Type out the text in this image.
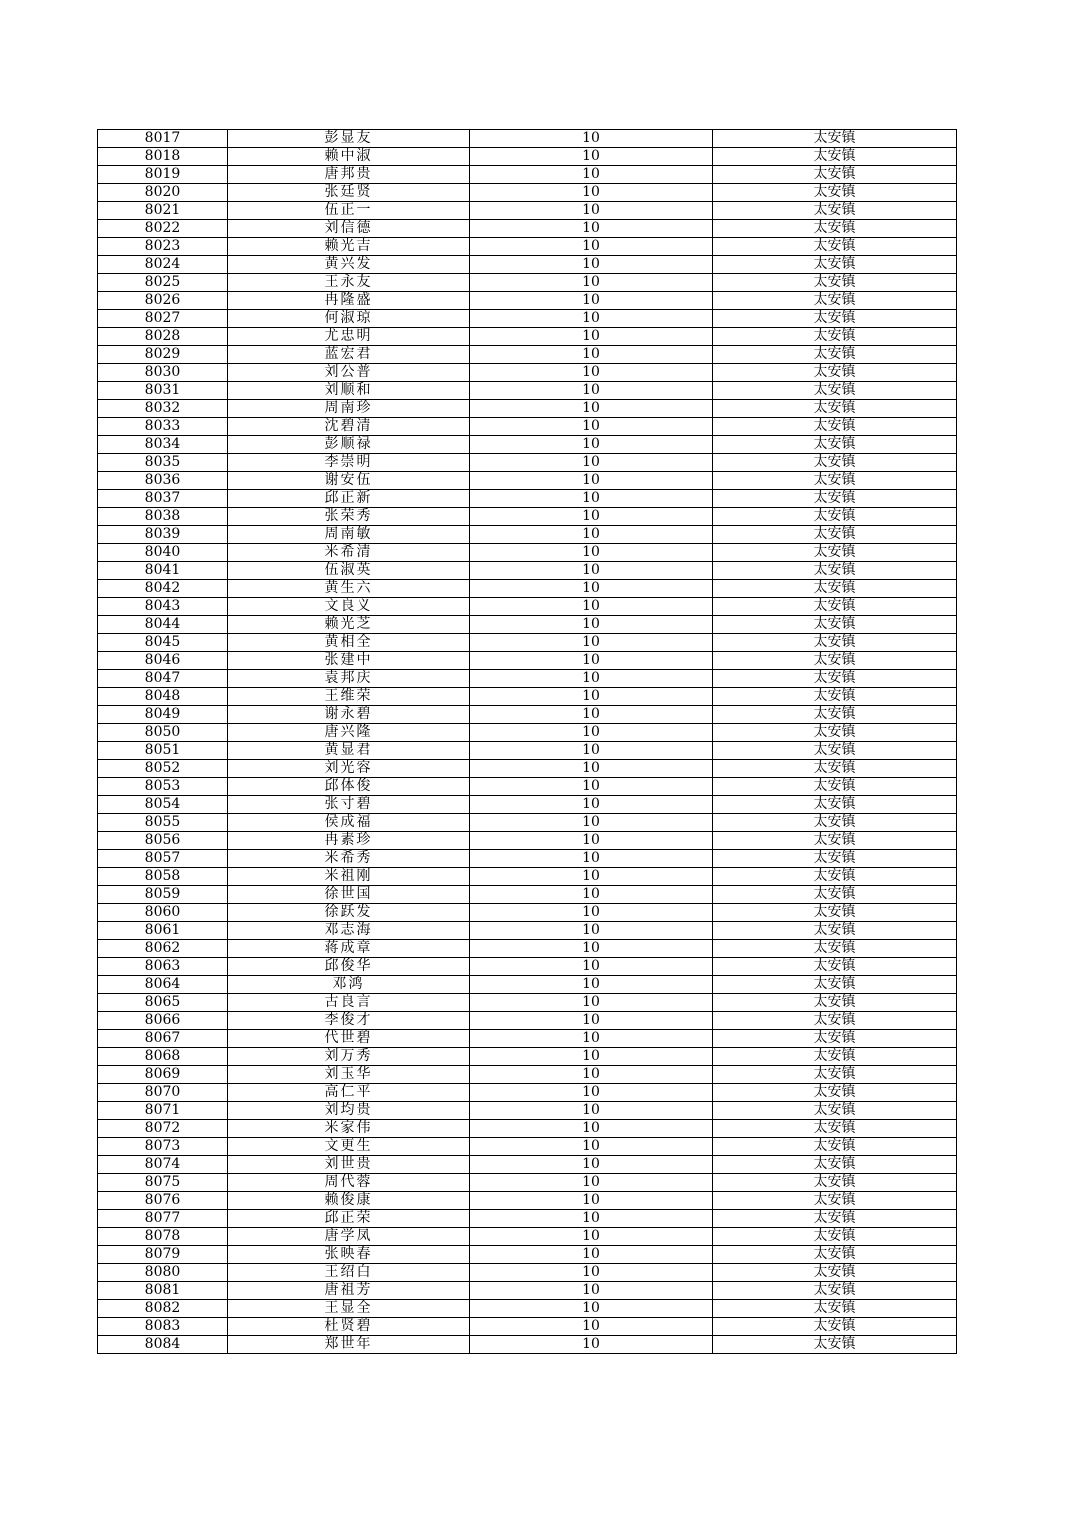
8017	彭显友	10	太安镇
8018	赖中淑	10	太安镇
8019	唐邦贵	10	太安镇
8020	张廷贤	10	太安镇
8021	伍正一	10	太安镇
8022	刘信德	10	太安镇
8023	赖光吉	10	太安镇
8024	黄兴发	10	太安镇
8025	王永友	10	太安镇
8026	冉隆盛	10	太安镇
8027	何淑琼	10	太安镇
8028	尤忠明	10	太安镇
8029	蓝宏君	10	太安镇
8030	刘公普	10	太安镇
8031	刘顺和	10	太安镇
8032	周南珍	10	太安镇
8033	沈碧清	10	太安镇
8034	彭顺禄	10	太安镇
8035	李崇明	10	太安镇
8036	谢安伍	10	太安镇
8037	邱正新	10	太安镇
8038	张荣秀	10	太安镇
8039	周南敏	10	太安镇
8040	米希清	10	太安镇
8041	伍淑英	10	太安镇
8042	黄生六	10	太安镇
8043	文良义	10	太安镇
8044	赖光芝	10	太安镇
8045	黄相全	10	太安镇
8046	张建中	10	太安镇
8047	袁邦庆	10	太安镇
8048	王维荣	10	太安镇
8049	谢永碧	10	太安镇
8050	唐兴隆	10	太安镇
8051	黄显君	10	太安镇
8052	刘光容	10	太安镇
8053	邱体俊	10	太安镇
8054	张寸碧	10	太安镇
8055	侯成福	10	太安镇
8056	冉素珍	10	太安镇
8057	米希秀	10	太安镇
8058	米祖刚	10	太安镇
8059	徐世国	10	太安镇
8060	徐跃发	10	太安镇
8061	邓志海	10	太安镇
8062	蒋成章	10	太安镇
8063	邱俊华	10	太安镇
8064	邓鸿	10	太安镇
8065	古良言	10	太安镇
8066	李俊才	10	太安镇
8067	代世碧	10	太安镇
8068	刘万秀	10	太安镇
8069	刘玉华	10	太安镇
8070	高仁平	10	太安镇
8071	刘均贵	10	太安镇
8072	米家伟	10	太安镇
8073	文更生	10	太安镇
8074	刘世贵	10	太安镇
8075	周代蓉	10	太安镇
8076	赖俊康	10	太安镇
8077	邱正荣	10	太安镇
8078	唐学凤	10	太安镇
8079	张映春	10	太安镇
8080	王绍白	10	太安镇
8081	唐祖芳	10	太安镇
8082	王显全	10	太安镇
8083	杜贤碧	10	太安镇
8084	郑世年	10	太安镇
